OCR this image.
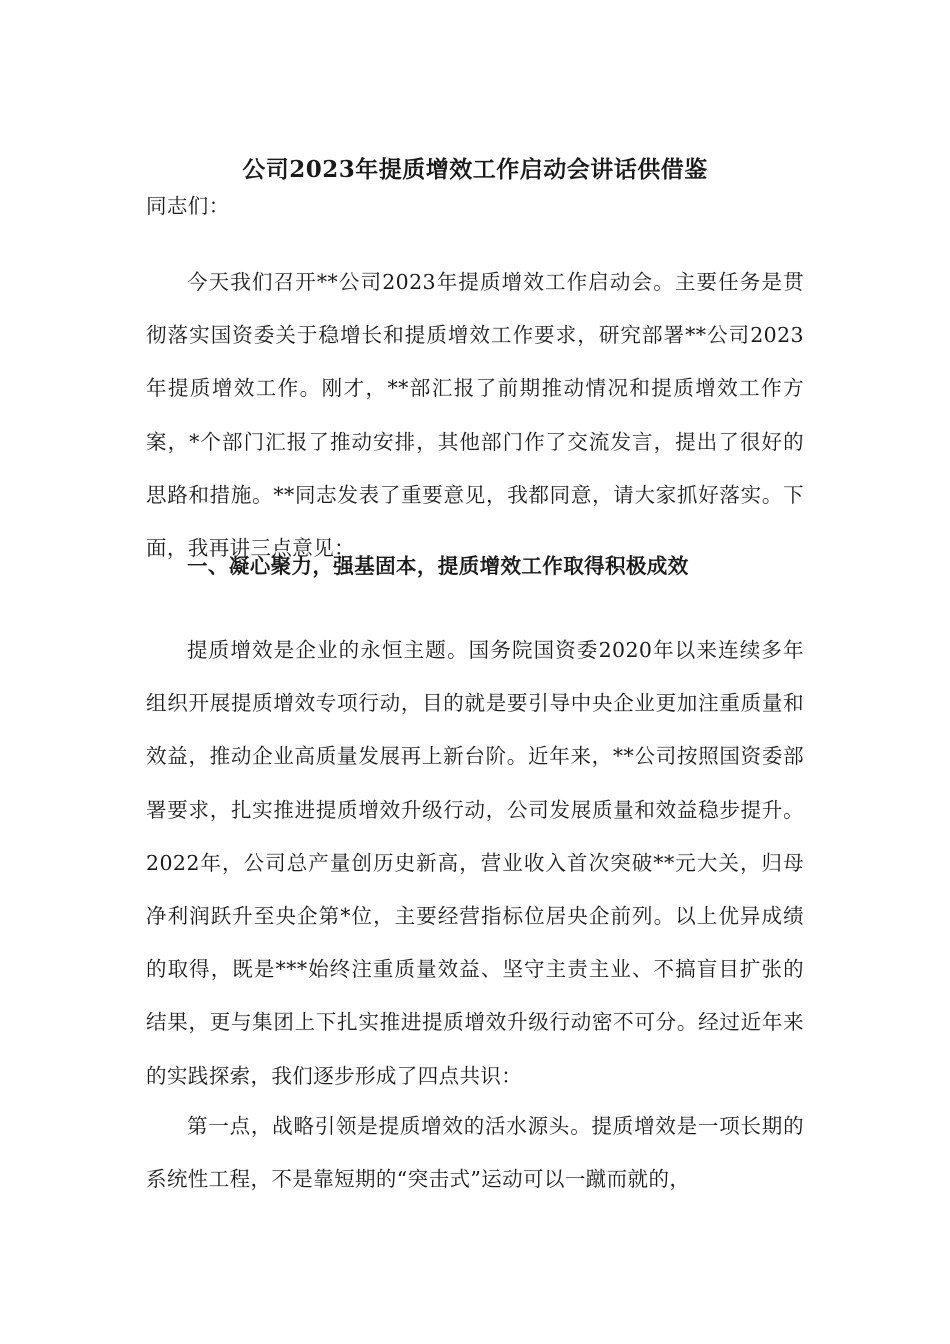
公司2023年提质增效工作启动会讲话供借鉴

同志们：

今天我们召开**公司2023年提质增效工作启动会。主要任务是贯彻落实国资委关于稳增长和提质增效工作要求，研究部署**公司2023年提质增效工作。刚才，**部汇报了前期推动情况和提质增效工作方案，*个部门汇报了推动安排，其他部门作了交流发言，提出了很好的思路和措施。**同志发表了重要意见，我都同意，请大家抓好落实。下面，我再讲三点意见：

一、凝心聚力，强基固本，提质增效工作取得积极成效

提质增效是企业的永恒主题。国务院国资委2020年以来连续多年组织开展提质增效专项行动，目的就是要引导中央企业更加注重质量和效益，推动企业高质量发展再上新台阶。近年来，**公司按照国资委部署要求，扎实推进提质增效升级行动，公司发展质量和效益稳步提升。2022年，公司总产量创历史新高，营业收入首次突破**元大关，归母净利润跃升至央企第*位，主要经营指标位居央企前列。以上优异成绩的取得，既是***始终注重质量效益、坚守主责主业、不搞盲目扩张的结果，更与集团上下扎实推进提质增效升级行动密不可分。经过近年来的实践探索，我们逐步形成了四点共识：

第一点，战略引领是提质增效的活水源头。提质增效是一项长期的系统性工程，不是靠短期的“突击式”运动可以一蹴而就的，
